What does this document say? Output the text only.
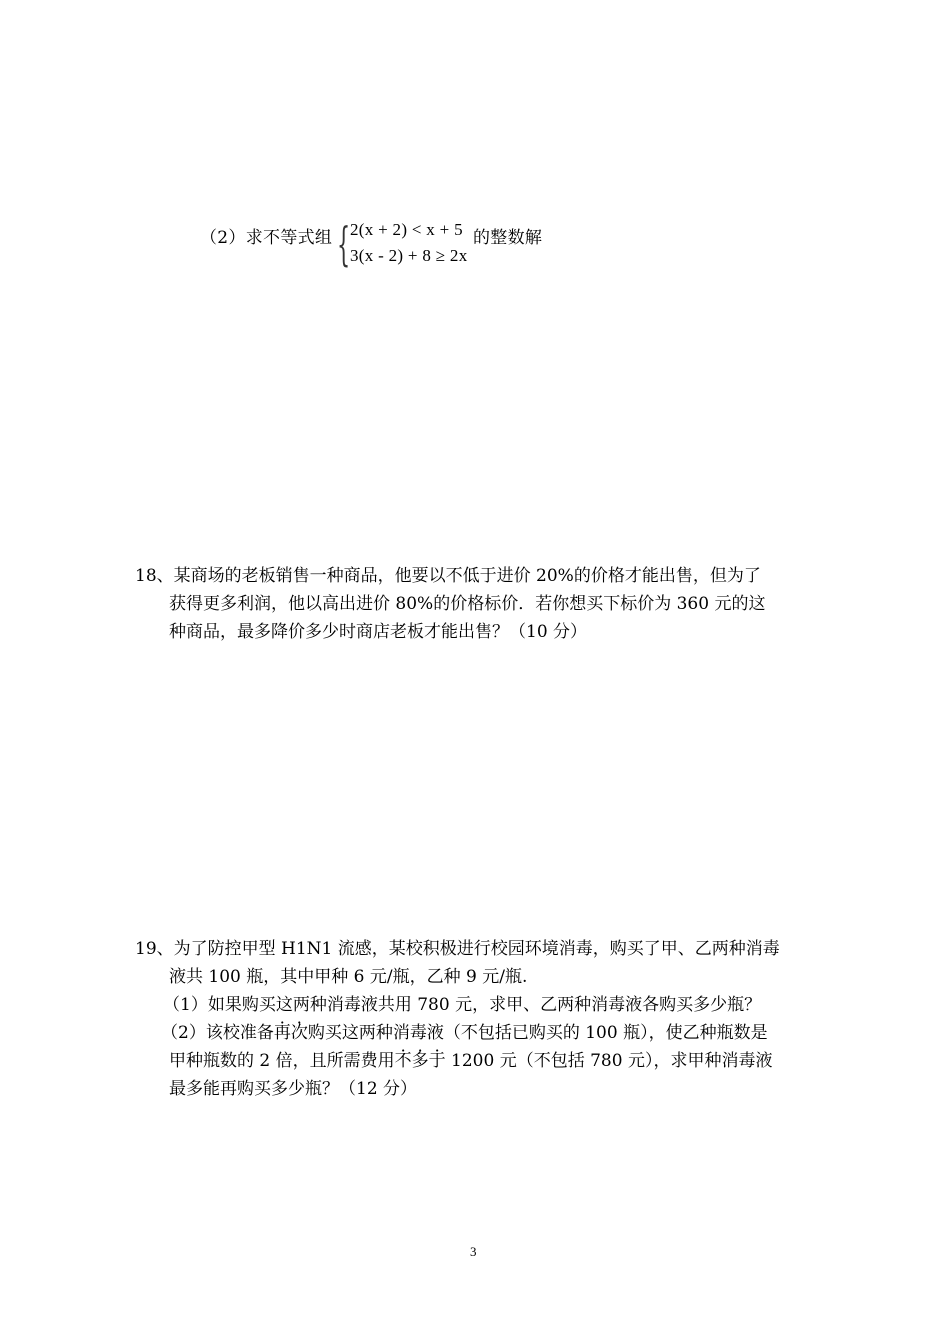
（2）求不等式组 { 2(x + 2) < x + 5
3(x - 2) + 8 ≥ 2x
的整数解
18、某商场的老板销售一种商品，他要以不低于进价 20%的价格才能出售，但为了
获得更多利润，他以高出进价 80%的价格标价．若你想买下标价为 360 元的这
种商品，最多降价多少时商店老板才能出售？（10 分）
19、为了防控甲型 H1N1 流感，某校积极进行校园环境消毒，购买了甲、乙两种消毒
液共 100 瓶，其中甲种 6 元/瓶，乙种 9 元/瓶.
（1）如果购买这两种消毒液共用 780 元，求甲、乙两种消毒液各购买多少瓶？
（2）该校准备再次购买这两种消毒液（不包括已购买的 100 瓶），使乙种瓶数是
甲种瓶数的 2 倍，且所需费用不多于 1200 元（不包括 780 元），求甲种消毒液
最多能再购买多少瓶？（12 分）
3
